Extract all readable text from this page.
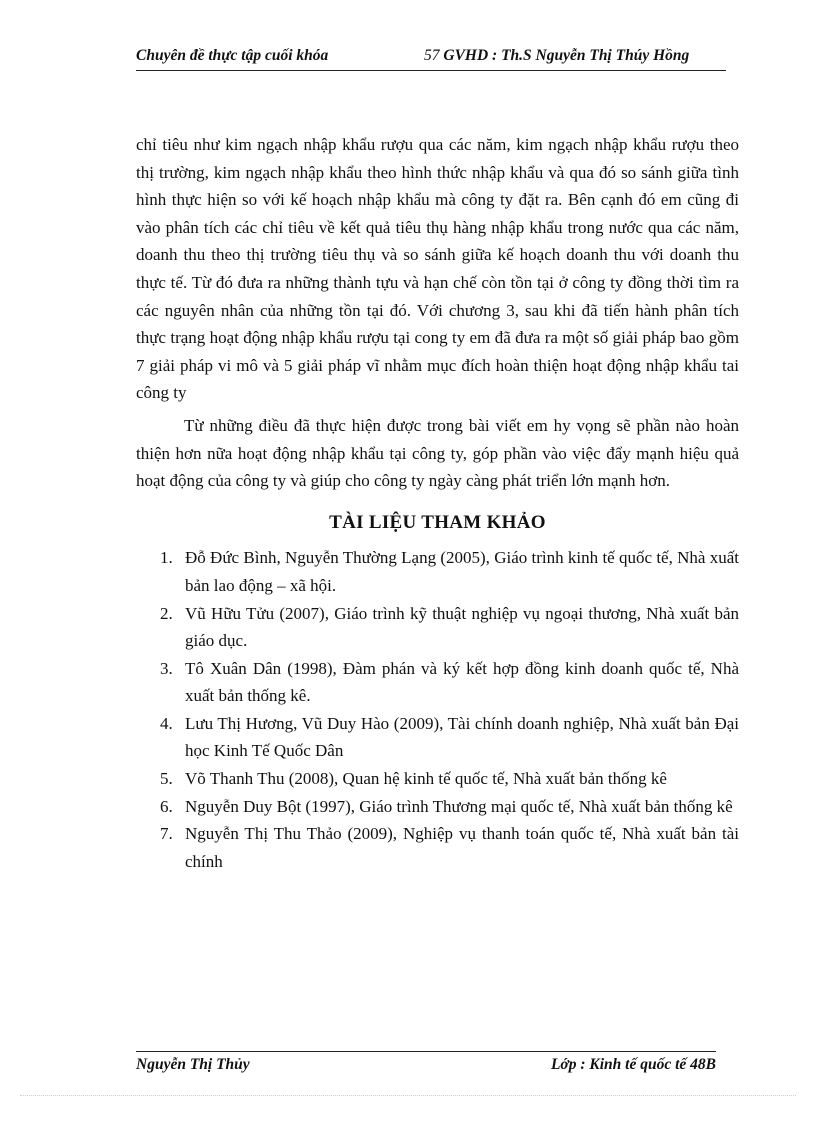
Chuyên đề thực tập cuối khóa	57 GVHD : Th.S Nguyễn Thị Thúy Hồng

chỉ tiêu như kim ngạch nhập khẩu rượu qua các năm, kim ngạch nhập khẩu rượu theo thị trường, kim ngạch nhập khẩu theo hình thức nhập khẩu và qua đó so sánh giữa tình hình thực hiện so với kế hoạch nhập khẩu mà công ty đặt ra. Bên cạnh đó em cũng đi vào phân tích các chỉ tiêu về kết quả tiêu thụ hàng nhập khẩu trong nước qua các năm, doanh thu theo thị trường tiêu thụ và so sánh giữa kế hoạch doanh thu với doanh thu thực tế. Từ đó đưa ra những thành tựu và hạn chế còn tồn tại ở công ty đồng thời tìm ra các nguyên nhân của những tồn tại đó. Với chương 3, sau khi đã tiến hành phân tích thực trạng hoạt động nhập khẩu rượu tại cong ty em đã đưa ra một số giải pháp bao gồm 7 giải pháp vi mô và 5 giải pháp vĩ nhằm mục đích hoàn thiện hoạt động nhập khẩu tai công ty

Từ những điều đã thực hiện được trong bài viết em hy vọng sẽ phần nào hoàn thiện hơn nữa hoạt động nhập khẩu tại công ty, góp phần vào việc đẩy mạnh hiệu quả hoạt động của công ty và giúp cho công ty ngày càng phát triển lớn mạnh hơn.

TÀI LIỆU THAM KHẢO
1. Đỗ Đức Bình, Nguyễn Thường Lạng (2005), Giáo trình kinh tế quốc tế, Nhà xuất bản lao động – xã hội.
2. Vũ Hữu Tửu (2007), Giáo trình kỹ thuật nghiệp vụ ngoại thương, Nhà xuất bản giáo dục.
3. Tô Xuân Dân (1998), Đàm phán và ký kết hợp đồng kinh doanh quốc tế, Nhà xuất bản thống kê.
4. Lưu Thị Hương, Vũ Duy Hào (2009), Tài chính doanh nghiệp, Nhà xuất bản Đại học Kinh Tế Quốc Dân
5. Võ Thanh Thu (2008), Quan hệ kinh tế quốc tế, Nhà xuất bản thống kê
6. Nguyễn Duy Bột (1997), Giáo trình Thương mại quốc tế, Nhà xuất bản thống kê
7. Nguyễn Thị Thu Thảo (2009), Nghiệp vụ thanh toán quốc tế, Nhà xuất bản tài chính
Nguyễn Thị Thủy	Lớp : Kinh tế quốc tế 48B
